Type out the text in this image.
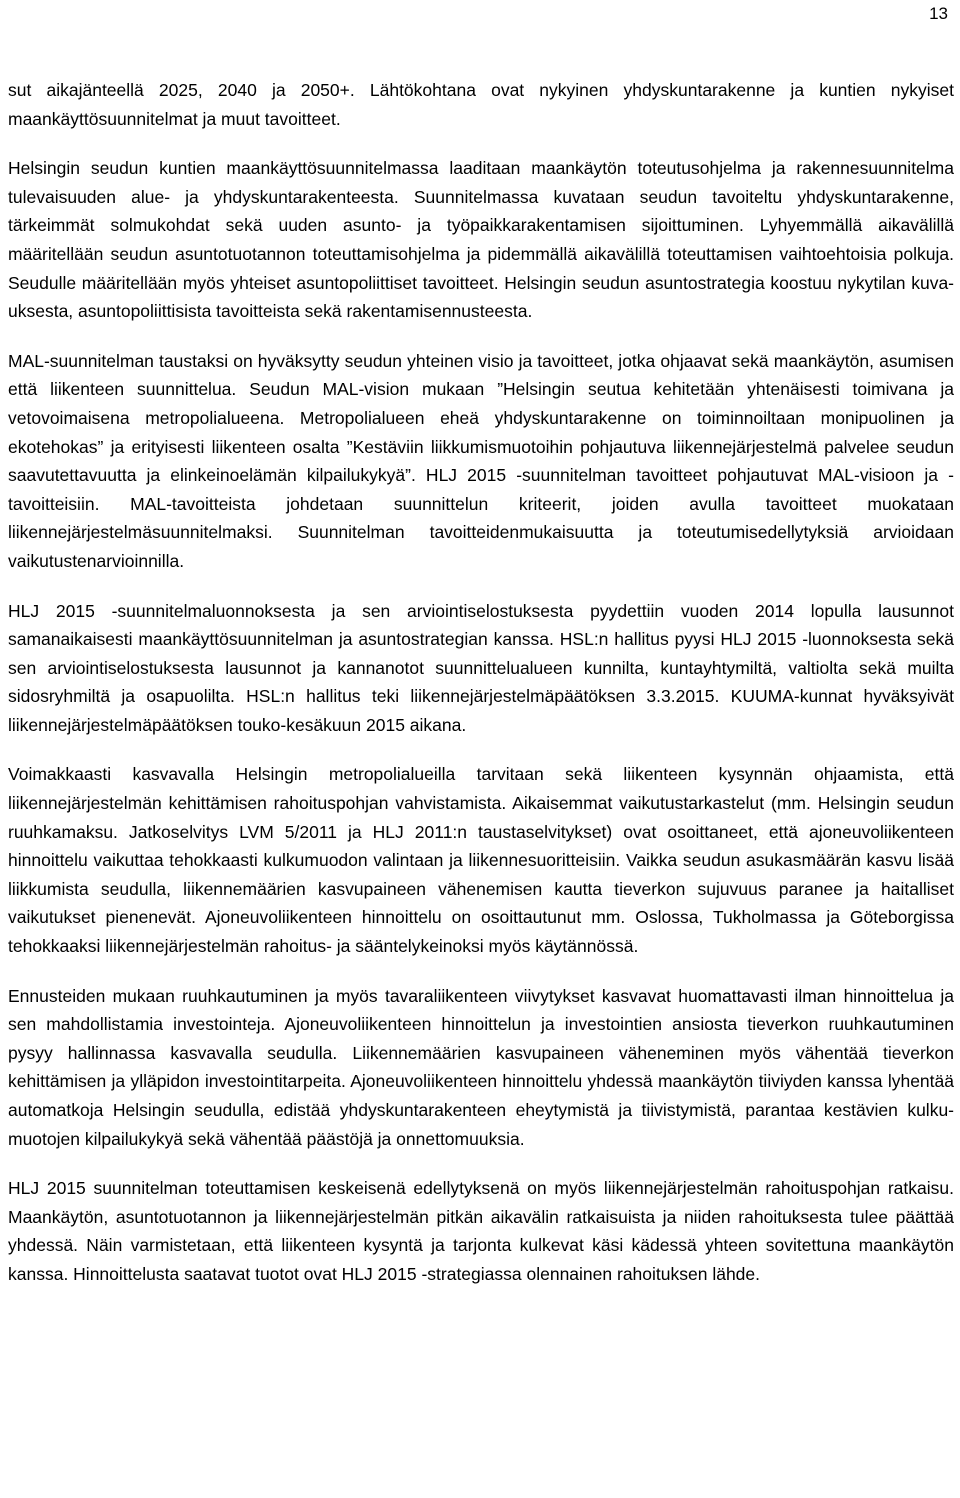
13

sut aikajänteellä 2025, 2040 ja 2050+. Lähtökohtana ovat nykyinen yhdyskuntarakenne ja kuntien nykyiset maankäyttösuunnitelmat ja muut tavoitteet.

Helsingin seudun kuntien maankäyttösuunnitelmassa laaditaan maankäytön toteutusohjelma ja rakennesuunnitelma tulevaisuuden alue- ja yhdyskuntarakenteesta. Suunnitelmassa kuvataan seudun tavoiteltu yhdyskuntarakenne, tärkeimmät solmukohdat sekä uuden asunto- ja työpaikkarakentamisen sijoittuminen. Lyhyemmällä aikavälillä määritellään seudun asuntotuotannon toteuttamisohjelma ja pidemmällä aikavälillä toteuttamisen vaihtoehtoisia polkuja. Seudulle määritellään myös yhteiset asuntopoliittiset tavoitteet. Helsingin seudun asuntostrategia koostuu nykytilan kuvauksesta, asuntopoliittisista tavoitteista sekä rakentamisennusteesta.

MAL-suunnitelman taustaksi on hyväksytty seudun yhteinen visio ja tavoitteet, jotka ohjaavat sekä maankäytön, asumisen että liikenteen suunnittelua. Seudun MAL-vision mukaan ”Helsingin seutua kehitetään yhtenäisesti toimivana ja vetovoimaisena metropolialueena. Metropolialueen eheä yhdyskuntarakenne on toiminnoiltaan monipuolinen ja ekotehokas” ja erityisesti liikenteen osalta ”Kestäviin liikkumismuotoihin pohjautuva liikennejärjestelmä palvelee seudun saavutettavuutta ja elinkeinoelämän kilpailukykyä”. HLJ 2015 -suunnitelman tavoitteet pohjautuvat MAL-visioon ja -tavoitteisiin. MAL-tavoitteista johdetaan suunnittelun kriteerit, joiden avulla tavoitteet muokataan liikennejärjestelmäsuunnitelmaksi. Suunnitelman tavoitteidenmukaisuutta ja toteutumisedellytyksiä arvioidaan vaikutustenarvioinnilla.

HLJ 2015 -suunnitelmaluonnoksesta ja sen arviointiselostuksesta pyydettiin vuoden 2014 lopulla lausunnot samanaikaisesti maankäyttösuunnitelman ja asuntostrategian kanssa. HSL:n hallitus pyysi HLJ 2015 -luonnoksesta sekä sen arviointiselostuksesta lausunnot ja kannanotot suunnittelualueen kunnilta, kuntayhtymiltä, valtiolta sekä muilta sidosryhmiltä ja osapuolilta. HSL:n hallitus teki liikennejärjestelmäpäätöksen 3.3.2015. KUUMA-kunnat hyväksyivät liikennejärjestelmäpäätöksen touko-kesäkuun 2015 aikana.

Voimakkaasti kasvavalla Helsingin metropolialueilla tarvitaan sekä liikenteen kysynnän ohjaamista, että liikennejärjestelmän kehittämisen rahoituspohjan vahvistamista. Aikaisemmat vaikutustarkastelut (mm. Helsingin seudun ruuhkamaksu. Jatkoselvitys LVM 5/2011 ja HLJ 2011:n taustaselvitykset) ovat osoittaneet, että ajoneuvoliikenteen hinnoittelu vaikuttaa tehokkaasti kulkumuodon valintaan ja liikennesuoritteisiin. Vaikka seudun asukasmäärän kasvu lisää liikkumista seudulla, liikennemäärien kasvupaineen vähenemisen kautta tieverkon sujuvuus paranee ja haitalliset vaikutukset pienenevät. Ajoneuvoliikenteen hinnoittelu on osoittautunut mm. Oslossa, Tukholmassa ja Göteborgissa tehokkaaksi liikennejärjestelmän rahoitus- ja sääntelykeinoksi myös käytännössä.

Ennusteiden mukaan ruuhkautuminen ja myös tavaraliikenteen viivytykset kasvavat huomattavasti ilman hinnoittelua ja sen mahdollistamia investointeja. Ajoneuvoliikenteen hinnoittelun ja investointien ansiosta tieverkon ruuhkautuminen pysyy hallinnassa kasvavalla seudulla. Liikennemäärien kasvupaineen väheneminen myös vähentää tieverkon kehittämisen ja ylläpidon investointitarpeita. Ajoneuvoliikenteen hinnoittelu yhdessä maankäytön tiiviyden kanssa lyhentää automatkoja Helsingin seudulla, edistää yhdyskuntarakenteen eheytymistä ja tiivistymistä, parantaa kestävien kulkumuotojen kilpailukykyä sekä vähentää päästöjä ja onnettomuuksia.

HLJ 2015 suunnitelman toteuttamisen keskeisenä edellytyksenä on myös liikennejärjestelmän rahoituspohjan ratkaisu. Maankäytön, asuntotuotannon ja liikennejärjestelmän pitkän aikavälin ratkaisuista ja niiden rahoituksesta tulee päättää yhdessä. Näin varmistetaan, että liikenteen kysyntä ja tarjonta kulkevat käsi kädessä yhteen sovitettuna maankäytön kanssa. Hinnoittelusta saatavat tuotot ovat HLJ 2015 -strategiassa olennainen rahoituksen lähde.
